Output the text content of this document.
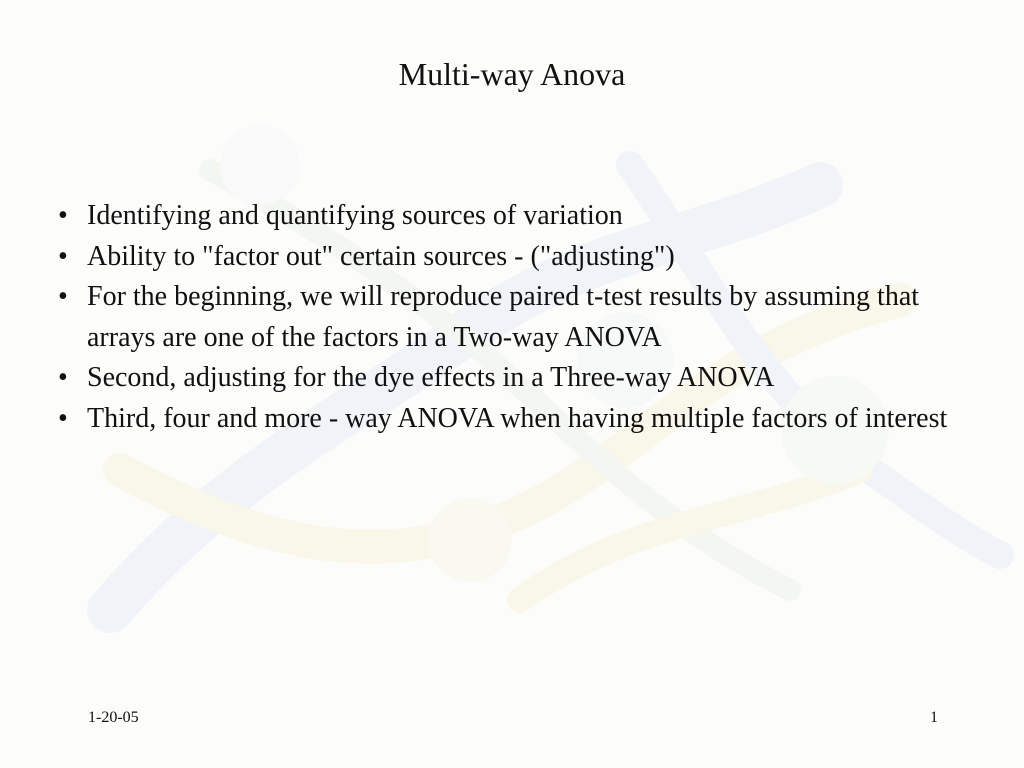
Multi-way Anova
• Identifying and quantifying sources of variation
• Ability to "factor out" certain sources - ("adjusting")
• For the beginning, we will reproduce paired t-test results by assuming that arrays are one of the factors in a Two-way ANOVA
• Second, adjusting for the dye effects in a Three-way ANOVA
• Third, four and more - way ANOVA when having multiple factors of interest
1-20-05	1
